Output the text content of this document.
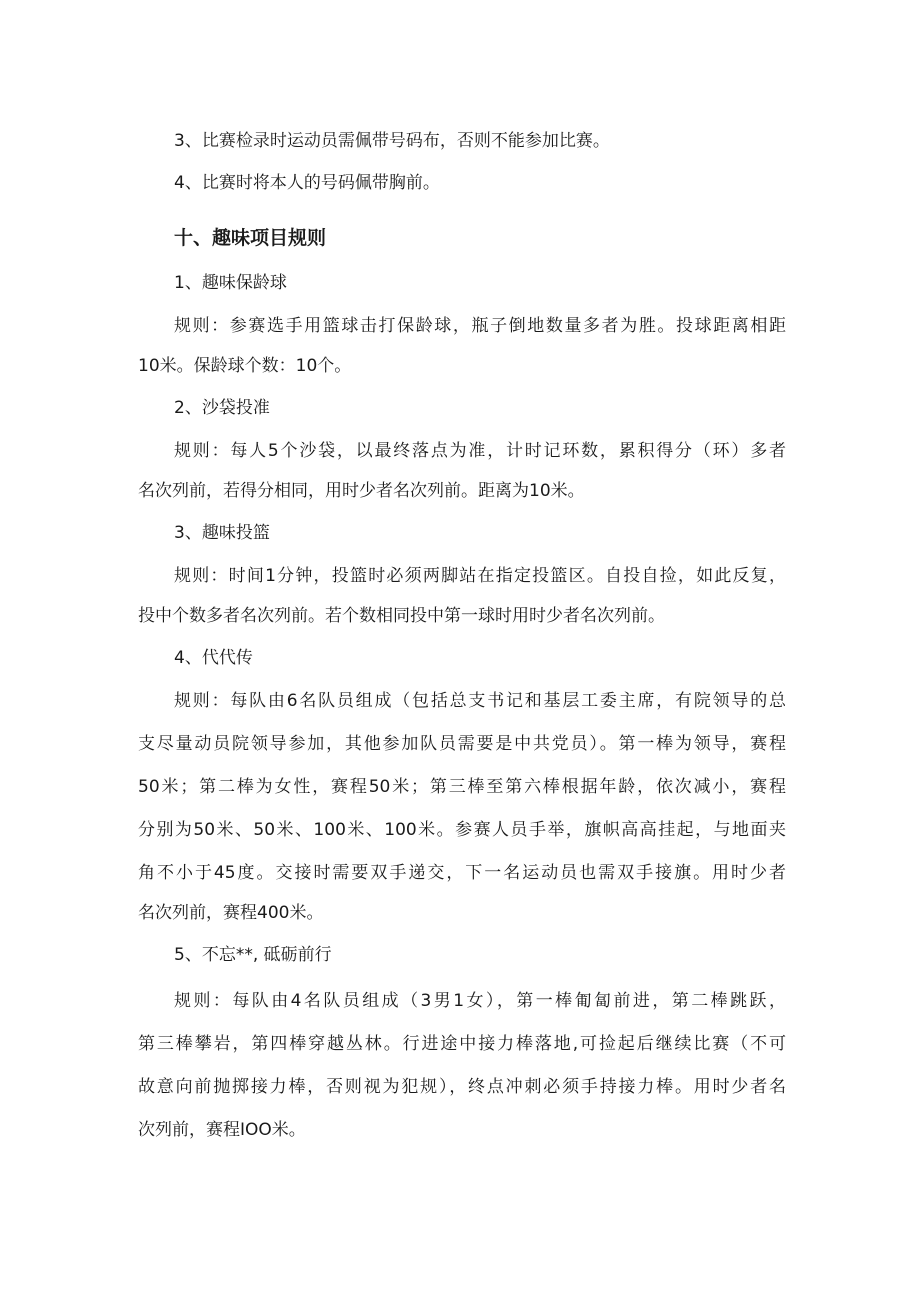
3、比赛检录时运动员需佩带号码布，否则不能参加比赛。

4、比赛时将本人的号码佩带胸前。

十、趣味项目规则

1、趣味保龄球

规则：参赛选手用篮球击打保龄球，瓶子倒地数量多者为胜。投球距离相距

10米。保龄球个数：10个。

2、沙袋投准

规则：每人5个沙袋，以最终落点为准，计时记环数，累积得分（环）多者

名次列前，若得分相同，用时少者名次列前。距离为10米。

3、趣味投篮

规则：时间1分钟，投篮时必须两脚站在指定投篮区。自投自捡，如此反复，

投中个数多者名次列前。若个数相同投中第一球时用时少者名次列前。

4、代代传

规则：每队由6名队员组成（包括总支书记和基层工委主席，有院领导的总

支尽量动员院领导参加，其他参加队员需要是中共党员）。第一棒为领导，赛程

50米；第二棒为女性，赛程50米；第三棒至第六棒根据年龄，依次减小，赛程

分别为50米、50米、100米、100米。参赛人员手举，旗帜高高挂起，与地面夹

角不小于45度。交接时需要双手递交，下一名运动员也需双手接旗。用时少者

名次列前，赛程400米。

5、不忘**, 砥砺前行

规则：每队由4名队员组成（3男1女），第一棒匍匐前进，第二棒跳跃，

第三棒攀岩，第四棒穿越丛林。行进途中接力棒落地,可捡起后继续比赛（不可

故意向前抛掷接力棒，否则视为犯规），终点冲刺必须手持接力棒。用时少者名

次列前，赛程IOO米。
